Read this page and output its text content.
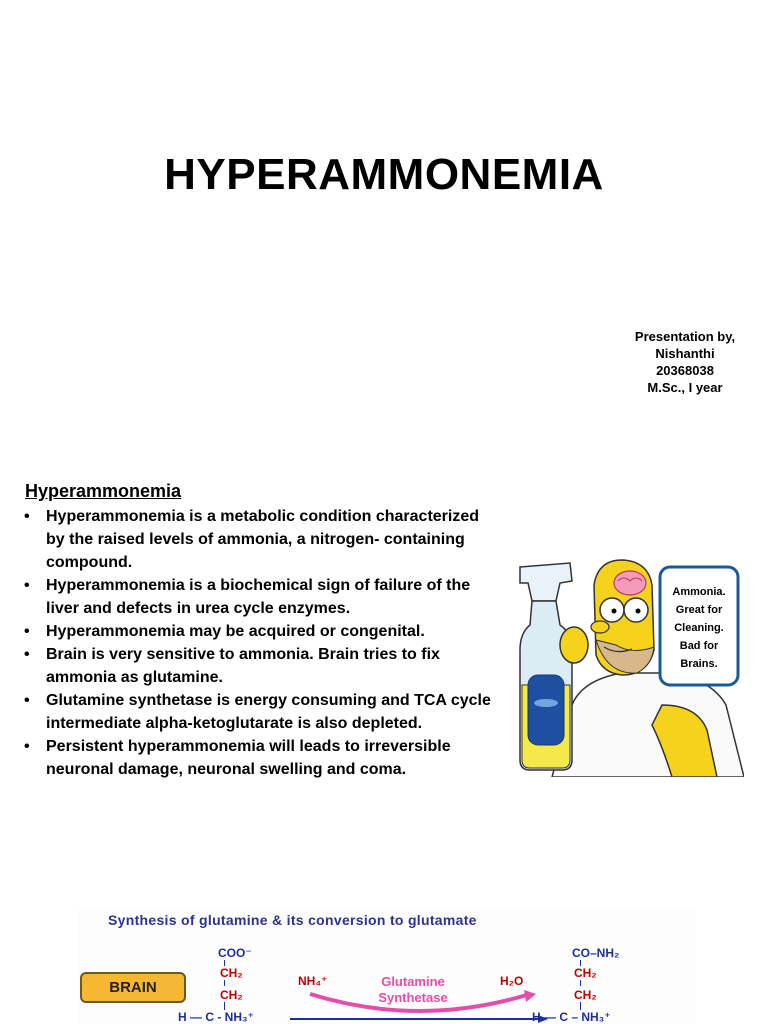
HYPERAMMONEMIA
Presentation by,
Nishanthi
20368038
M.Sc., I year
Hyperammonemia
• Hyperammonemia is a metabolic condition characterized by the raised levels of ammonia, a nitrogen- containing compound.
• Hyperammonemia is a biochemical sign of failure of the liver and defects in urea cycle enzymes.
• Hyperammonemia may be acquired or congenital.
• Brain is very sensitive to ammonia. Brain tries to fix ammonia as glutamine.
• Glutamine synthetase is energy consuming and TCA cycle intermediate alpha-ketoglutarate is also depleted.
• Persistent hyperammonemia will leads to irreversible neuronal damage, neuronal swelling and coma.
Ammonia.
Great for
Cleaning.
Bad for
Brains.
Synthesis of glutamine & its conversion to glutamate
BRAIN
COO⁻
CH₂
CH₂
H — C - NH₃⁺
NH₄⁺	Glutamine
Synthetase
H₂O
CO–NH₂
CH₂
CH₂
H — C – NH₃⁺
